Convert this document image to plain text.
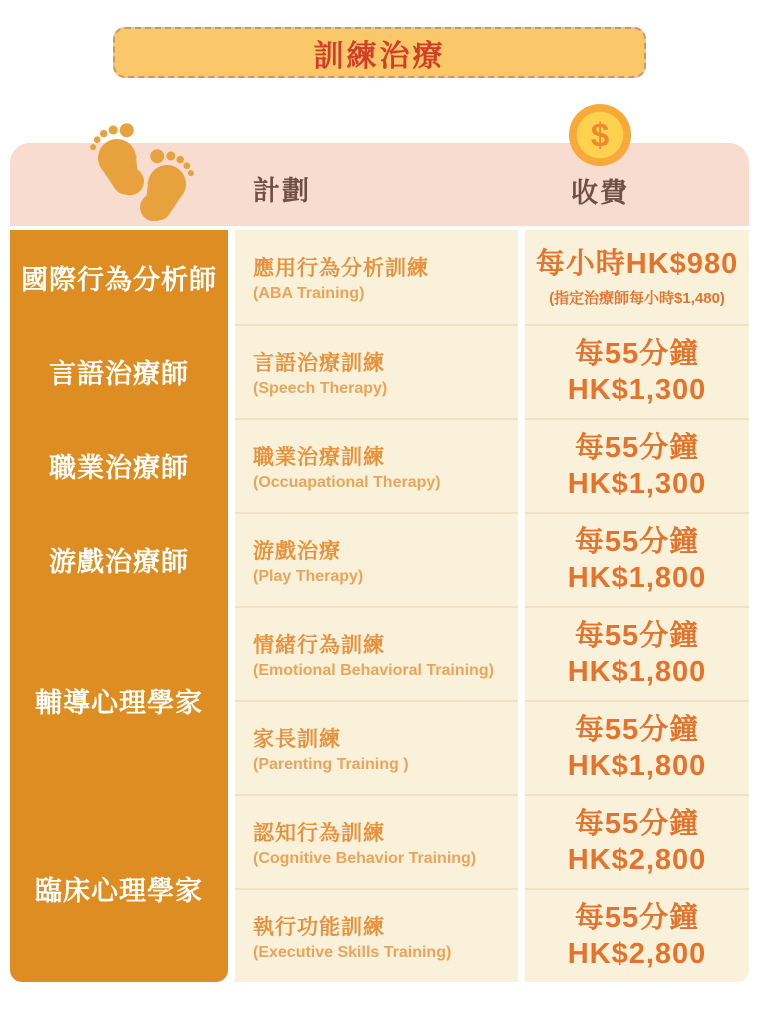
訓練治療
計劃
$
收費
國際行為分析師
言語治療師
職業治療師
游戲治療師
輔導心理學家
臨床心理學家
應用行為分析訓練
(ABA Training)
每小時HK$980
(指定治療師每小時$1,480)
言語治療訓練
(Speech Therapy)
每55分鐘
HK$1,300
職業治療訓練
(Occuapational Therapy)
每55分鐘
HK$1,300
游戲治療
(Play Therapy)
每55分鐘
HK$1,800
情緒行為訓練
(Emotional Behavioral Training)
每55分鐘
HK$1,800
家長訓練
(Parenting Training )
每55分鐘
HK$1,800
認知行為訓練
(Cognitive Behavior Training)
每55分鐘
HK$2,800
執行功能訓練
(Executive Skills Training)
每55分鐘
HK$2,800
